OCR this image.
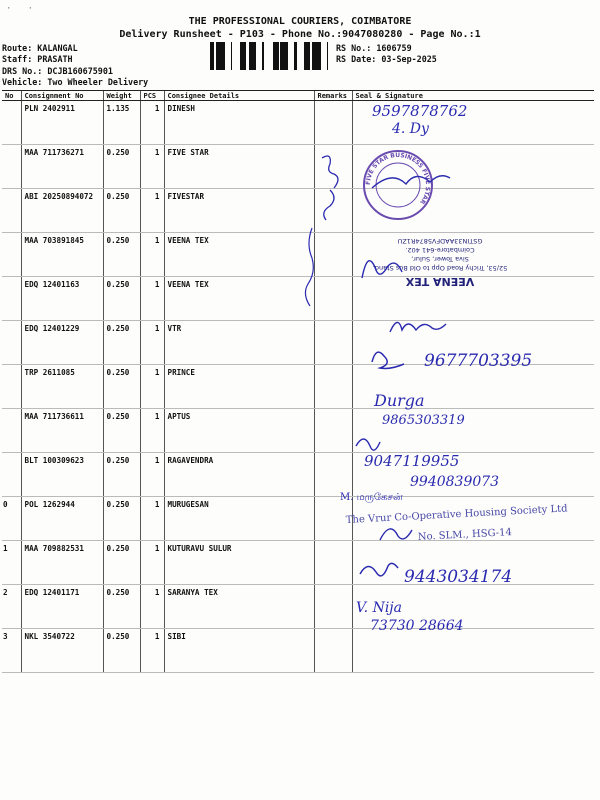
·   ·
THE PROFESSIONAL COURIERS, COIMBATORE
Delivery Runsheet - P103 - Phone No.:9047080280 - Page No.:1
Route: KALANGAL
Staff: PRASATH
DRS No.: DCJB160675901
Vehicle: Two Wheeler Delivery
RS No.: 1606759
RS Date: 03-Sep-2025
No	Consignment No	Weight	PCS	Consignee Details	Remarks	Seal & Signature
	PLN 2402911	1.135	1	DINESH		
	MAA 711736271	0.250	1	FIVE STAR		
	ABI 20250894072	0.250	1	FIVESTAR		
	MAA 703891845	0.250	1	VEENA TEX		
	EDQ 12401163	0.250	1	VEENA TEX		
	EDQ 12401229	0.250	1	VTR		
	TRP 2611085	0.250	1	PRINCE		
	MAA 711736611	0.250	1	APTUS		
	BLT 100309623	0.250	1	RAGAVENDRA		
0	POL 1262944	0.250	1	MURUGESAN		
1	MAA 709882531	0.250	1	KUTURAVU SULUR		
2	EDQ 12401171	0.250	1	SARANYA TEX		
3	NKL 3540722	0.250	1	SIBI		
9597878762
4. Dy
FIVE STAR BUSINESS FIVE STAR
VEENA TEX
52/53, Trichy Road Opp to Old Bus Stand,
Siva Tower, Sulur,
Coimbatore-641 402.
GSTIN33AADFV5874R1ZU
9677703395
Durga
9865303319
9047119955
9940839073
M. மருகேசன்
The Vrur Co-Operative Housing Society Ltd
No. SLM., HSG-14
9443034174
V. Nija
73730 28664
